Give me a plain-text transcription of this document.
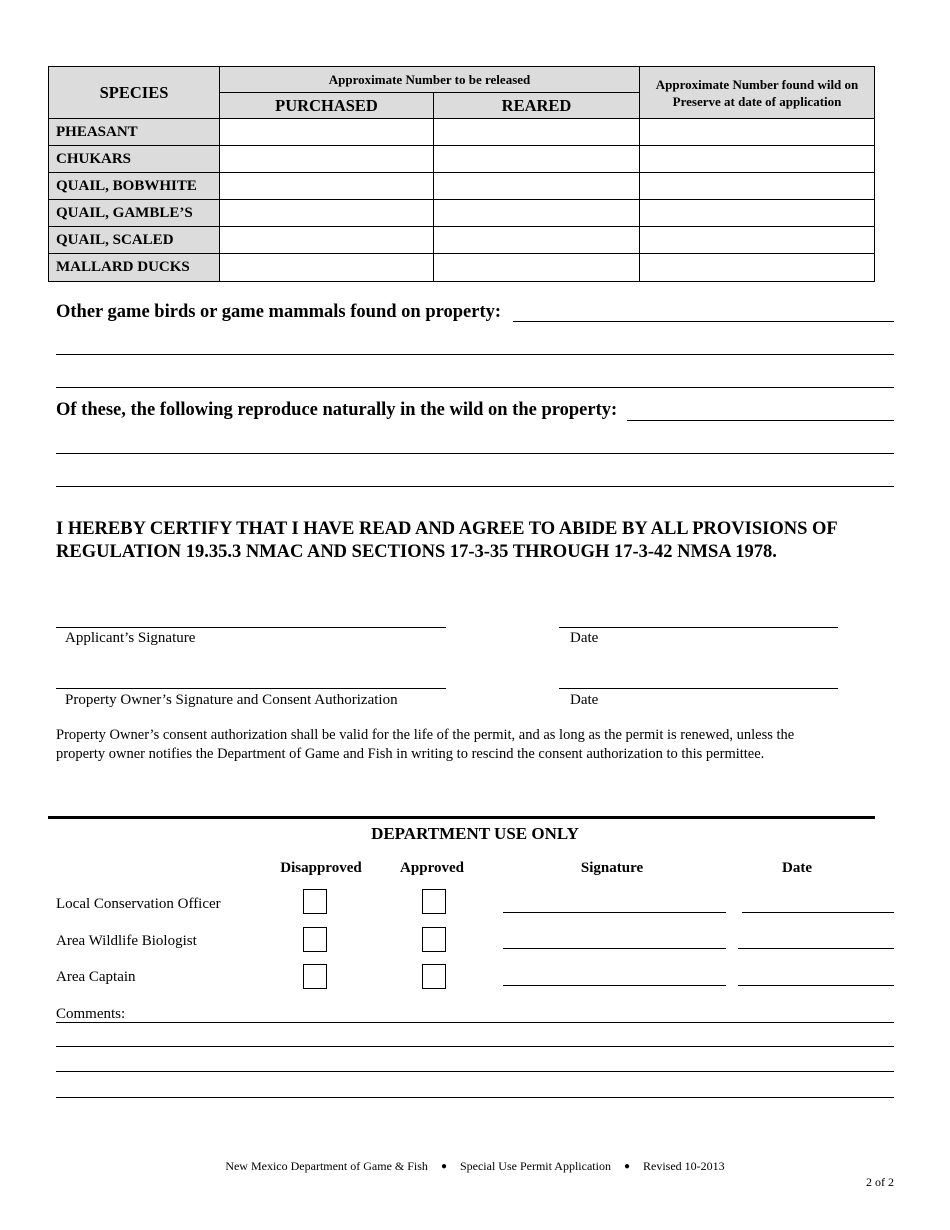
SPECIES	Approximate Number to be released		Approximate Number found wild on
Preserve at date of application

	PURCHASED	REARED	
PHEASANT			
CHUKARS			
QUAIL, BOBWHITE			
QUAIL, GAMBLE’S			
QUAIL, SCALED			
MALLARD DUCKS			
Other game birds or game mammals found on property:
Of these, the following reproduce naturally in the wild on the property:
I HEREBY CERTIFY THAT I HAVE READ AND AGREE TO ABIDE BY ALL PROVISIONS OF
REGULATION 19.35.3 NMAC AND SECTIONS 17-3-35 THROUGH 17-3-42 NMSA 1978.
Applicant’s Signature	Date
Property Owner’s Signature and Consent Authorization	Date
Property Owner’s consent authorization shall be valid for the life of the permit, and as long as the permit is renewed, unless the
property owner notifies the Department of Game and Fish in writing to rescind the consent authorization to this permittee.
DEPARTMENT USE ONLY
Disapproved	Approved	Signature	Date
Local Conservation Officer
Area Wildlife Biologist
Area Captain
Comments:
New Mexico Department of Game & Fish ● Special Use Permit Application ● Revised 10-2013
2 of 2
